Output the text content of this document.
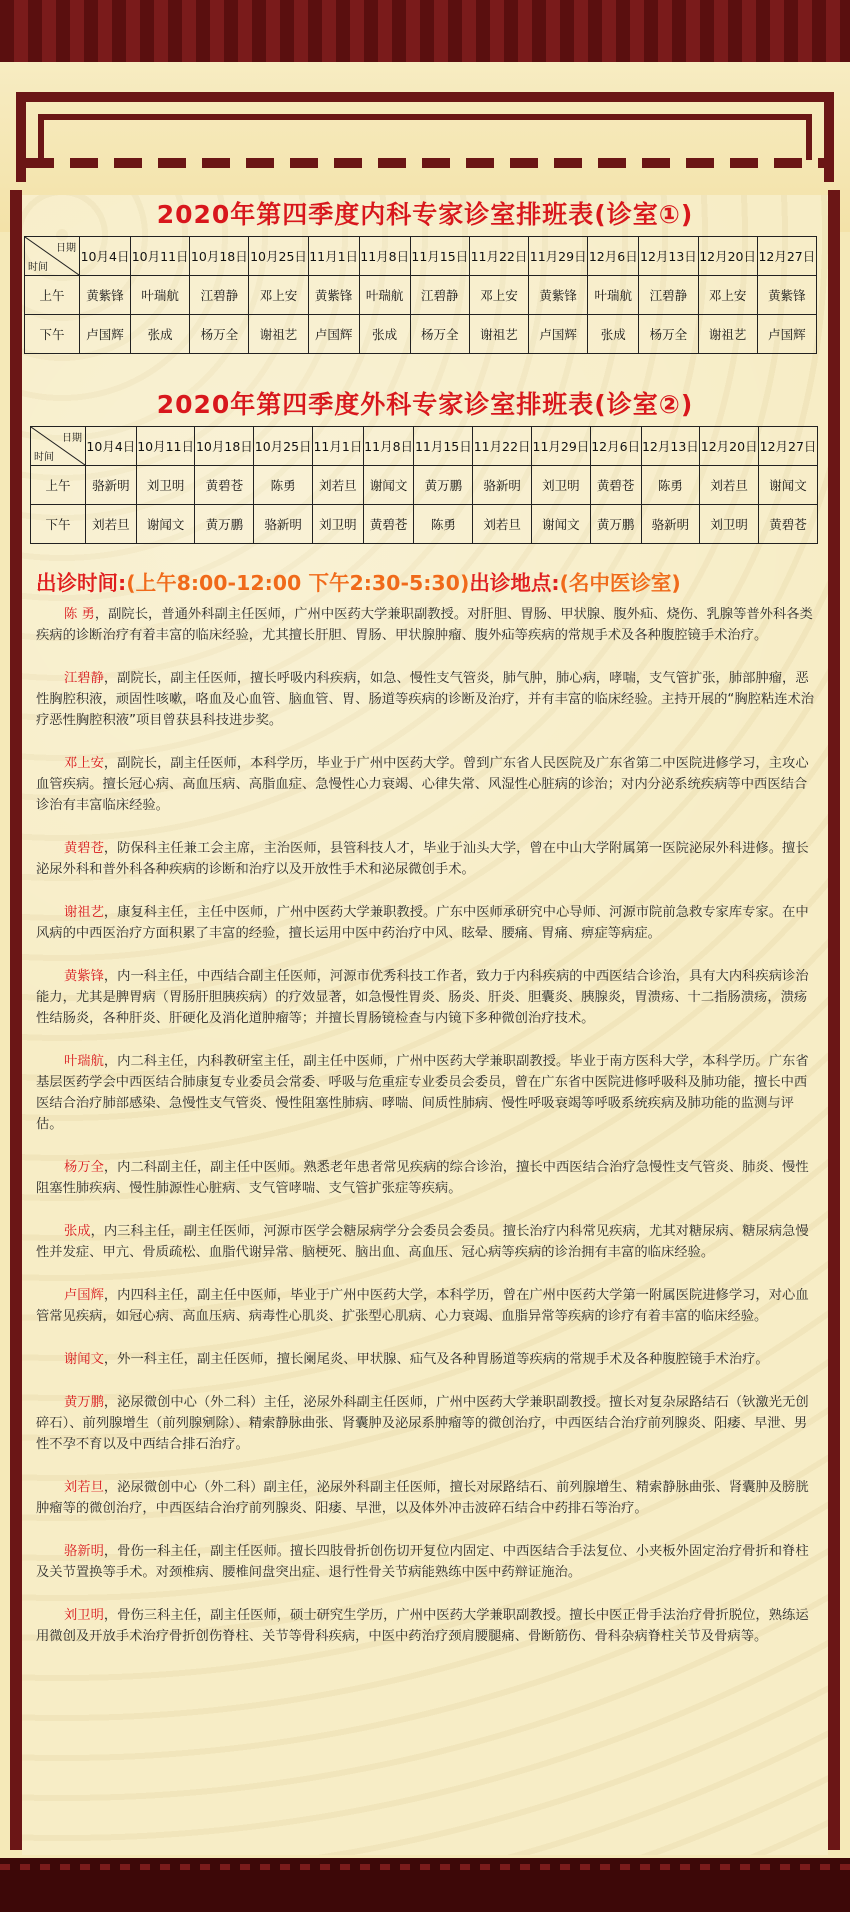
2020年第四季度内科专家诊室排班表(诊室①)
日期
时间	10月4日	10月11日	10月18日	10月25日	11月1日	11月8日	11月15日	11月22日	11月29日	12月6日	12月13日	12月20日	12月27日
上午	黄紫锋	叶瑞航	江碧静	邓上安	黄紫锋	叶瑞航	江碧静	邓上安	黄紫锋	叶瑞航	江碧静	邓上安	黄紫锋
下午	卢国辉	张成	杨万全	谢祖艺	卢国辉	张成	杨万全	谢祖艺	卢国辉	张成	杨万全	谢祖艺	卢国辉
2020年第四季度外科专家诊室排班表(诊室②)
日期
时间	10月4日	10月11日	10月18日	10月25日	11月1日	11月8日	11月15日	11月22日	11月29日	12月6日	12月13日	12月20日	12月27日
上午	骆新明	刘卫明	黄碧苍	陈勇	刘若旦	谢闻文	黄万鹏	骆新明	刘卫明	黄碧苍	陈勇	刘若旦	谢闻文
下午	刘若旦	谢闻文	黄万鹏	骆新明	刘卫明	黄碧苍	陈勇	刘若旦	谢闻文	黄万鹏	骆新明	刘卫明	黄碧苍
出诊时间:(上午8:00-12:00 下午2:30-5:30)出诊地点:(名中医诊室)

陈 勇，副院长，普通外科副主任医师，广州中医药大学兼职副教授。对肝胆、胃肠、甲状腺、腹外疝、烧伤、乳腺等普外科各类疾病的诊断治疗有着丰富的临床经验，尤其擅长肝胆、胃肠、甲状腺肿瘤、腹外疝等疾病的常规手术及各种腹腔镜手术治疗。

江碧静，副院长，副主任医师，擅长呼吸内科疾病，如急、慢性支气管炎，肺气肿，肺心病，哮喘，支气管扩张，肺部肿瘤，恶性胸腔积液，顽固性咳嗽，咯血及心血管、脑血管、胃、肠道等疾病的诊断及治疗，并有丰富的临床经验。主持开展的“胸腔粘连术治疗恶性胸腔积液”项目曾获县科技进步奖。

邓上安，副院长，副主任医师，本科学历，毕业于广州中医药大学。曾到广东省人民医院及广东省第二中医院进修学习，主攻心血管疾病。擅长冠心病、高血压病、高脂血症、急慢性心力衰竭、心律失常、风湿性心脏病的诊治；对内分泌系统疾病等中西医结合诊治有丰富临床经验。

黄碧苍，防保科主任兼工会主席，主治医师，县管科技人才，毕业于汕头大学，曾在中山大学附属第一医院泌尿外科进修。擅长泌尿外科和普外科各种疾病的诊断和治疗以及开放性手术和泌尿微创手术。

谢祖艺，康复科主任，主任中医师，广州中医药大学兼职教授。广东中医师承研究中心导师、河源市院前急救专家库专家。在中风病的中西医治疗方面积累了丰富的经验，擅长运用中医中药治疗中风、眩晕、腰痛、胃痛、痹症等病症。

黄紫锋，内一科主任，中西结合副主任医师，河源市优秀科技工作者，致力于内科疾病的中西医结合诊治，具有大内科疾病诊治能力，尤其是脾胃病（胃肠肝胆胰疾病）的疗效显著，如急慢性胃炎、肠炎、肝炎、胆囊炎、胰腺炎，胃溃疡、十二指肠溃疡，溃疡性结肠炎，各种肝炎、肝硬化及消化道肿瘤等；并擅长胃肠镜检查与内镜下多种微创治疗技术。

叶瑞航，内二科主任，内科教研室主任，副主任中医师，广州中医药大学兼职副教授。毕业于南方医科大学，本科学历。广东省基层医药学会中西医结合肺康复专业委员会常委、呼吸与危重症专业委员会委员，曾在广东省中医院进修呼吸科及肺功能，擅长中西医结合治疗肺部感染、急慢性支气管炎、慢性阻塞性肺病、哮喘、间质性肺病、慢性呼吸衰竭等呼吸系统疾病及肺功能的监测与评估。

杨万全，内二科副主任，副主任中医师。熟悉老年患者常见疾病的综合诊治，擅长中西医结合治疗急慢性支气管炎、肺炎、慢性阻塞性肺疾病、慢性肺源性心脏病、支气管哮喘、支气管扩张症等疾病。

张成，内三科主任，副主任医师，河源市医学会糖尿病学分会委员会委员。擅长治疗内科常见疾病，尤其对糖尿病、糖尿病急慢性并发症、甲亢、骨质疏松、血脂代谢异常、脑梗死、脑出血、高血压、冠心病等疾病的诊治拥有丰富的临床经验。

卢国辉，内四科主任，副主任中医师，毕业于广州中医药大学，本科学历，曾在广州中医药大学第一附属医院进修学习，对心血管常见疾病，如冠心病、高血压病、病毒性心肌炎、扩张型心肌病、心力衰竭、血脂异常等疾病的诊疗有着丰富的临床经验。

谢闻文，外一科主任，副主任医师，擅长阑尾炎、甲状腺、疝气及各种胃肠道等疾病的常规手术及各种腹腔镜手术治疗。

黄万鹏，泌尿微创中心（外二科）主任，泌尿外科副主任医师，广州中医药大学兼职副教授。擅长对复杂尿路结石（钬激光无创碎石）、前列腺增生（前列腺剜除）、精索静脉曲张、肾囊肿及泌尿系肿瘤等的微创治疗，中西医结合治疗前列腺炎、阳痿、早泄、男性不孕不育以及中西结合排石治疗。

刘若旦，泌尿微创中心（外二科）副主任，泌尿外科副主任医师，擅长对尿路结石、前列腺增生、精索静脉曲张、肾囊肿及膀胱肿瘤等的微创治疗，中西医结合治疗前列腺炎、阳痿、早泄，以及体外冲击波碎石结合中药排石等治疗。

骆新明，骨伤一科主任，副主任医师。擅长四肢骨折创伤切开复位内固定、中西医结合手法复位、小夹板外固定治疗骨折和脊柱及关节置换等手术。对颈椎病、腰椎间盘突出症、退行性骨关节病能熟练中医中药辩证施治。

刘卫明，骨伤三科主任，副主任医师，硕士研究生学历，广州中医药大学兼职副教授。擅长中医正骨手法治疗骨折脱位，熟练运用微创及开放手术治疗骨折创伤脊柱、关节等骨科疾病，中医中药治疗颈肩腰腿痛、骨断筋伤、骨科杂病脊柱关节及骨病等。
